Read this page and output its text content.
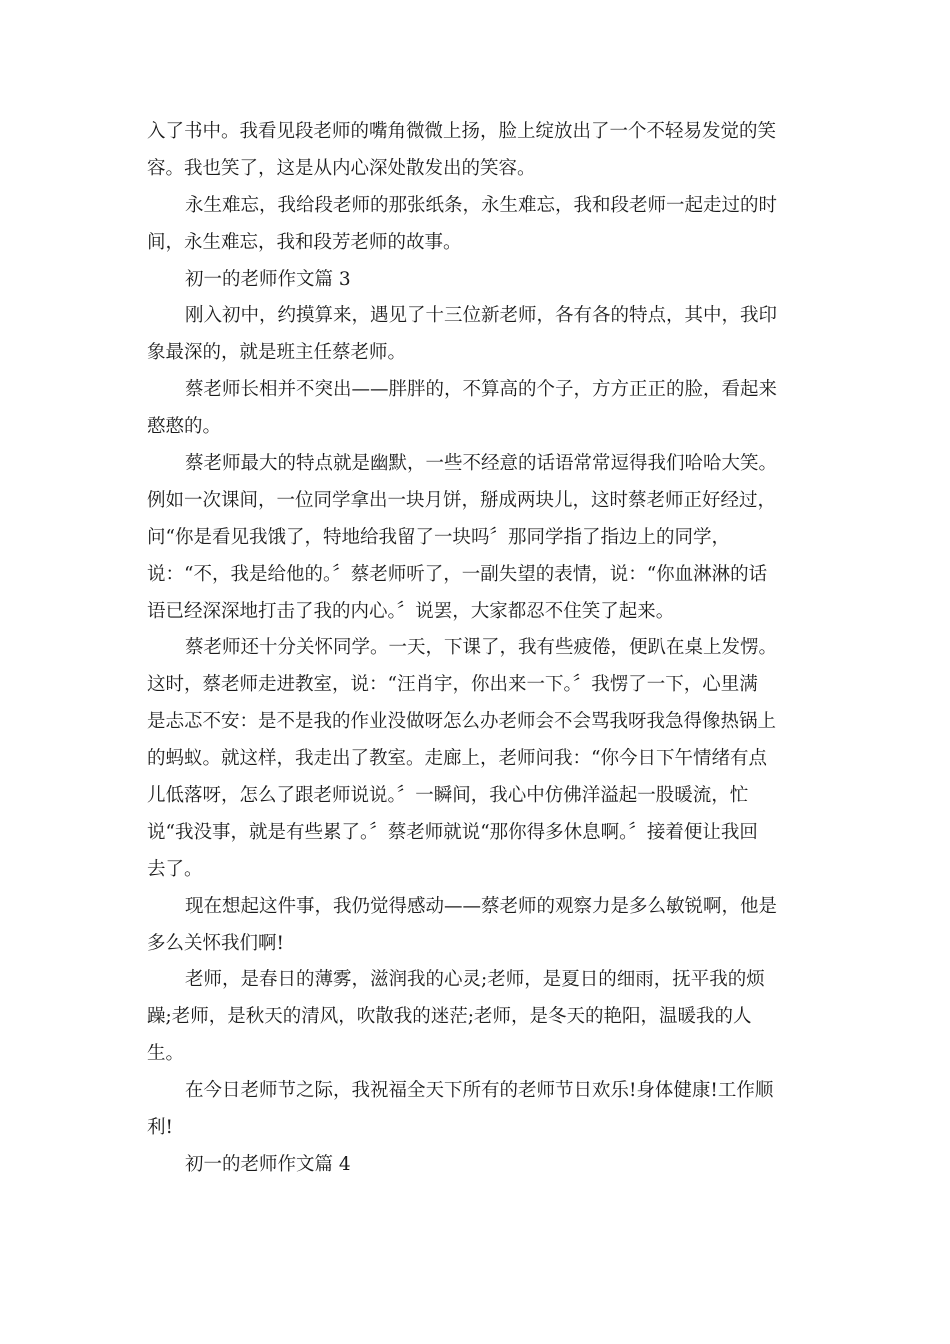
入了书中。我看见段老师的嘴角微微上扬，脸上绽放出了一个不轻易发觉的笑
容。我也笑了，这是从内心深处散发出的笑容。
永生难忘，我给段老师的那张纸条，永生难忘，我和段老师一起走过的时
间，永生难忘，我和段芳老师的故事。
初一的老师作文篇 3
刚入初中，约摸算来，遇见了十三位新老师，各有各的特点，其中，我印
象最深的，就是班主任蔡老师。
蔡老师长相并不突出——胖胖的，不算高的个子，方方正正的脸，看起来
憨憨的。
蔡老师最大的特点就是幽默，一些不经意的话语常常逗得我们哈哈大笑。
例如一次课间，一位同学拿出一块月饼，掰成两块儿，这时蔡老师正好经过，
问“你是看见我饿了，特地给我留了一块吗〞那同学指了指边上的同学，
说：“不，我是给他的。〞蔡老师听了，一副失望的表情，说：“你血淋淋的话
语已经深深地打击了我的内心。〞说罢，大家都忍不住笑了起来。
蔡老师还十分关怀同学。一天，下课了，我有些疲倦，便趴在桌上发愣。
这时，蔡老师走进教室，说：“汪肖宇，你出来一下。〞我愣了一下，心里满
是忐忑不安：是不是我的作业没做呀怎么办老师会不会骂我呀我急得像热锅上
的蚂蚁。就这样，我走出了教室。走廊上，老师问我：“你今日下午情绪有点
儿低落呀，怎么了跟老师说说。〞一瞬间，我心中仿佛洋溢起一股暖流，忙
说“我没事，就是有些累了。〞蔡老师就说“那你得多休息啊。〞接着便让我回
去了。
现在想起这件事，我仍觉得感动——蔡老师的观察力是多么敏锐啊，他是
多么关怀我们啊!
老师，是春日的薄雾，滋润我的心灵;老师，是夏日的细雨，抚平我的烦
躁;老师，是秋天的清风，吹散我的迷茫;老师，是冬天的艳阳，温暖我的人
生。
在今日老师节之际，我祝福全天下所有的老师节日欢乐!身体健康!工作顺
利!
初一的老师作文篇 4
